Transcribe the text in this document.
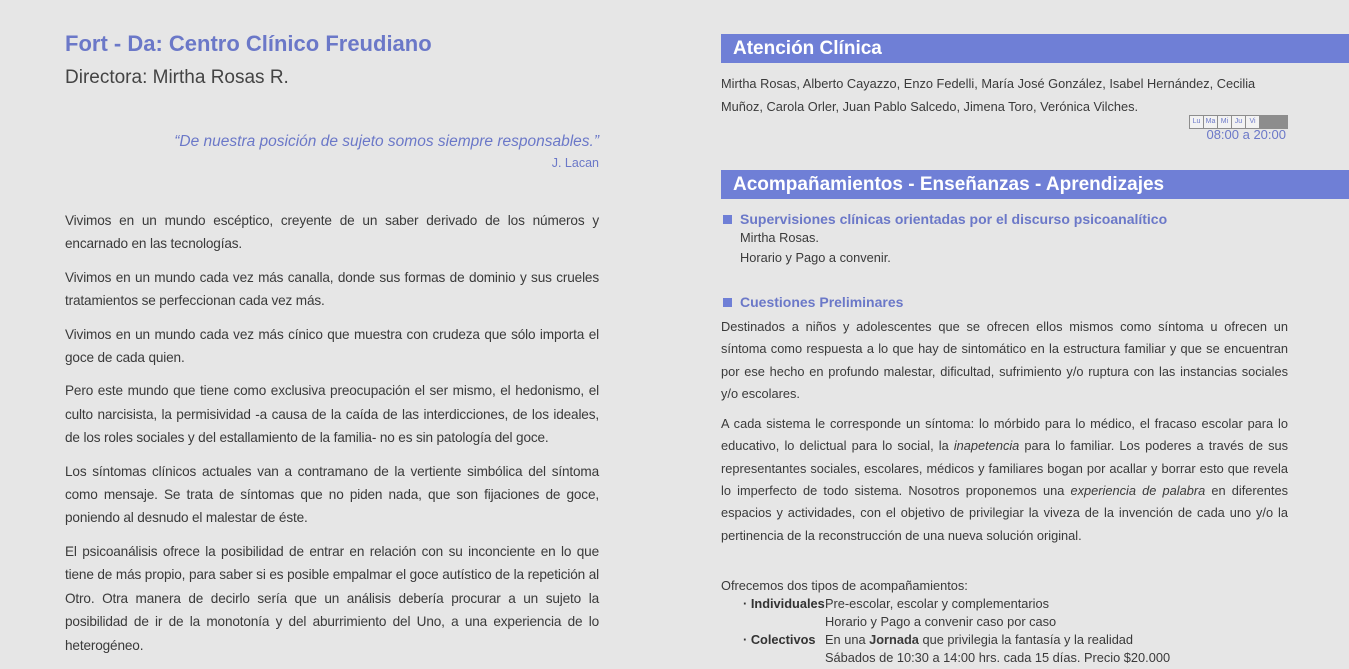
Fort - Da: Centro Clínico Freudiano
Directora: Mirtha Rosas R.
“De nuestra posición de sujeto somos siempre responsables.”
J. Lacan

Vivimos en un mundo escéptico, creyente de un saber derivado de los números y encarnado en las tecnologías.

Vivimos en un mundo cada vez más canalla, donde sus formas de dominio y sus crueles tratamientos se perfeccionan cada vez más.

Vivimos en un mundo cada vez más cínico que muestra con crudeza que sólo importa el goce de cada quien.

Pero este mundo que tiene como exclusiva preocupación el ser mismo, el hedonismo, el culto narcisista, la permisividad -a causa de la caída de las interdicciones, de los ideales, de los roles sociales y del estallamiento de la familia- no es sin patología del goce.

Los síntomas clínicos actuales van a contramano de la vertiente simbólica del síntoma como mensaje. Se trata de síntomas que no piden nada, que son fijaciones de goce, poniendo al desnudo el malestar de éste.

El psicoanálisis ofrece la posibilidad de entrar en relación con su inconciente en lo que tiene de más propio, para saber si es posible empalmar el goce autístico de la repetición al Otro. Otra manera de decirlo sería que un análisis debería procurar a un sujeto la posibilidad de ir de la monotonía y del aburrimiento del Uno, a una experiencia de lo heterogéneo.

Atención Clínica
Mirtha Rosas, Alberto Cayazzo, Enzo Fedelli, María José González, Isabel Hernández, Cecilia Muñoz, Carola Orler, Juan Pablo Salcedo, Jimena Toro, Verónica Vilches.
Lu Ma Mi Ju	Vi
08:00 a 20:00
Acompañamientos - Enseñanzas - Aprendizajes
Supervisiones clínicas orientadas por el discurso psicoanalítico
Mirtha Rosas.
Horario y Pago a convenir.
Cuestiones Preliminares

Destinados a niños y adolescentes que se ofrecen ellos mismos como síntoma u ofrecen un síntoma como respuesta a lo que hay de sintomático en la estructura familiar y que se encuentran por ese hecho en profundo malestar, dificultad, sufrimiento y/o ruptura con las instancias sociales y/o escolares.

A cada sistema le corresponde un síntoma: lo mórbido para lo médico, el fracaso escolar para lo educativo, lo delictual para lo social, la inapetencia para lo familiar. Los poderes a través de sus representantes sociales, escolares, médicos y familiares bogan por acallar y borrar esto que revela lo imperfecto de todo sistema. Nosotros proponemos una experiencia de palabra en diferentes espacios y actividades, con el objetivo de privilegiar la viveza de la invención de cada uno y/o la pertinencia de la reconstrucción de una nueva solución original.

Ofrecemos dos tipos de acompañamientos:
· Individuales Pre-escolar, escolar y complementarios
Horario y Pago a convenir caso por caso
· Colectivos En una Jornada que privilegia la fantasía y la realidad
Sábados de 10:30 a 14:00 hrs. cada 15 días. Precio $20.000
